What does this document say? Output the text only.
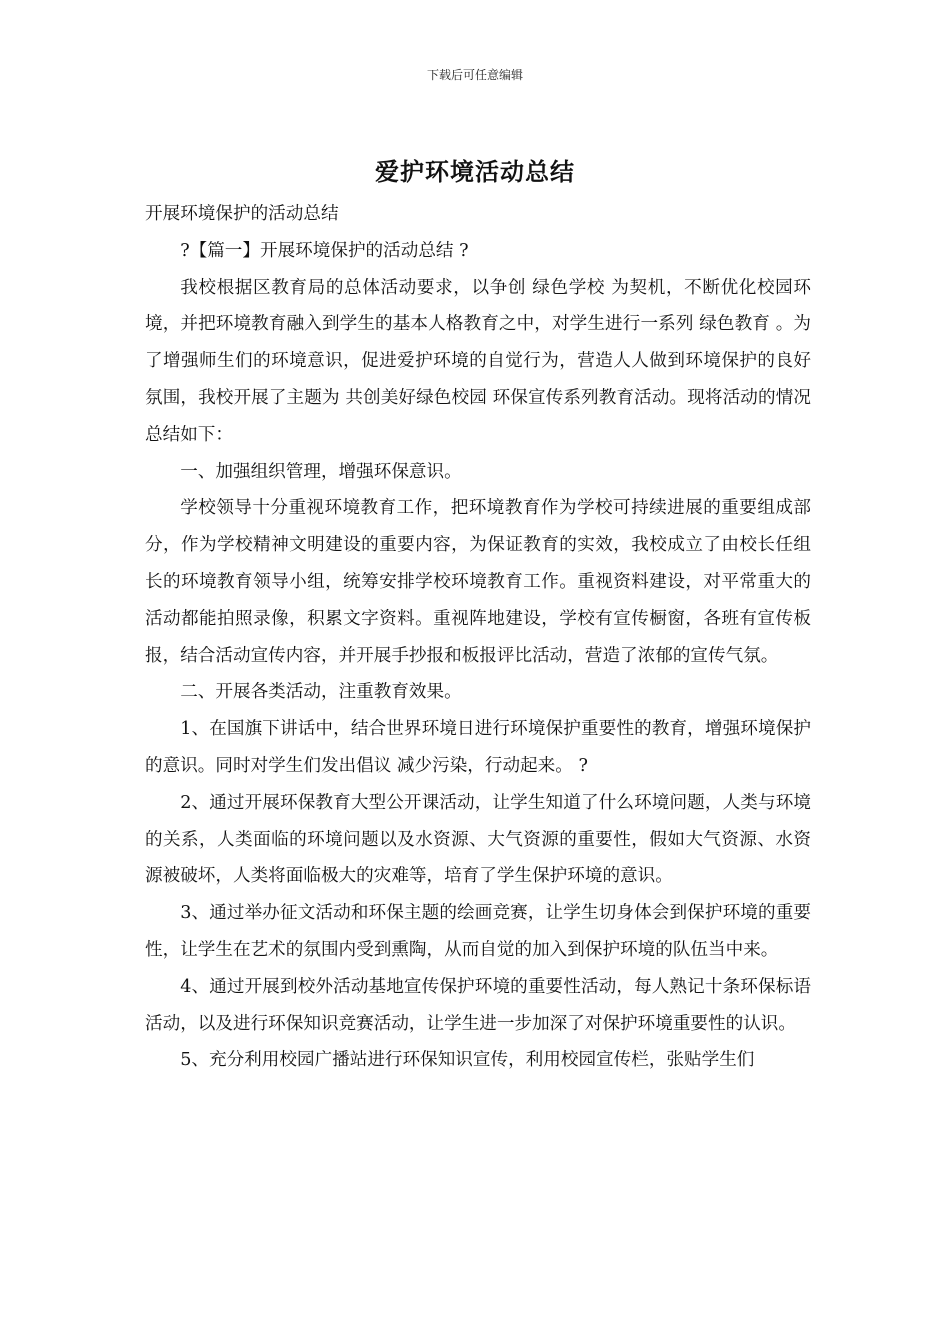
下载后可任意编辑
爱护环境活动总结

开展环境保护的活动总结

?【篇一】开展环境保护的活动总结 ?

我校根据区教育局的总体活动要求，以争创 绿色学校 为契机，不断优化校园环境，并把环境教育融入到学生的基本人格教育之中，对学生进行一系列 绿色教育 。为了增强师生们的环境意识，促进爱护环境的自觉行为，营造人人做到环境保护的良好氛围，我校开展了主题为 共创美好绿色校园 环保宣传系列教育活动。现将活动的情况总结如下：

一、加强组织管理，增强环保意识。

学校领导十分重视环境教育工作，把环境教育作为学校可持续进展的重要组成部分，作为学校精神文明建设的重要内容，为保证教育的实效，我校成立了由校长任组长的环境教育领导小组，统筹安排学校环境教育工作。重视资料建设，对平常重大的活动都能拍照录像，积累文字资料。重视阵地建设，学校有宣传橱窗，各班有宣传板报，结合活动宣传内容，并开展手抄报和板报评比活动，营造了浓郁的宣传气氛。

二、开展各类活动，注重教育效果。

1、在国旗下讲话中，结合世界环境日进行环境保护重要性的教育，增强环境保护的意识。同时对学生们发出倡议 减少污染，行动起来。 ?

2、通过开展环保教育大型公开课活动，让学生知道了什么环境问题，人类与环境的关系，人类面临的环境问题以及水资源、大气资源的重要性，假如大气资源、水资源被破坏，人类将面临极大的灾难等，培育了学生保护环境的意识。

3、通过举办征文活动和环保主题的绘画竞赛，让学生切身体会到保护环境的重要性，让学生在艺术的氛围内受到熏陶，从而自觉的加入到保护环境的队伍当中来。

4、通过开展到校外活动基地宣传保护环境的重要性活动，每人熟记十条环保标语活动，以及进行环保知识竞赛活动，让学生进一步加深了对保护环境重要性的认识。

5、充分利用校园广播站进行环保知识宣传，利用校园宣传栏，张贴学生们
